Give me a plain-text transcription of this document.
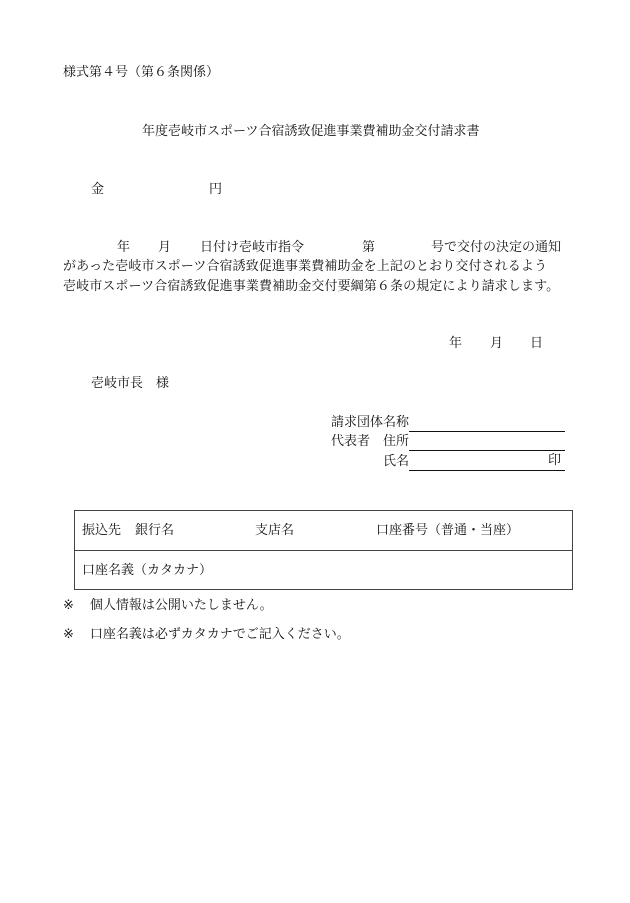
様式第４号（第６条関係）
年度壱岐市スポーツ合宿誘致促進事業費補助金交付請求書
金	円
年 月 日付け壱岐市指令	第	号で交付の決定の通知
があった壱岐市スポーツ合宿誘致促進事業費補助金を上記のとおり交付されるよう
壱岐市スポーツ合宿誘致促進事業費補助金交付要綱第６条の規定により請求します。
年 月 日
壱岐市長　様
請求団体名称
代表者 住所
氏名	印
振込先 銀行名	支店名	口座番号（普通・当座）
口座名義（カタカナ）
※ 個人情報は公開いたしません。
※ 口座名義は必ずカタカナでご記入ください。
